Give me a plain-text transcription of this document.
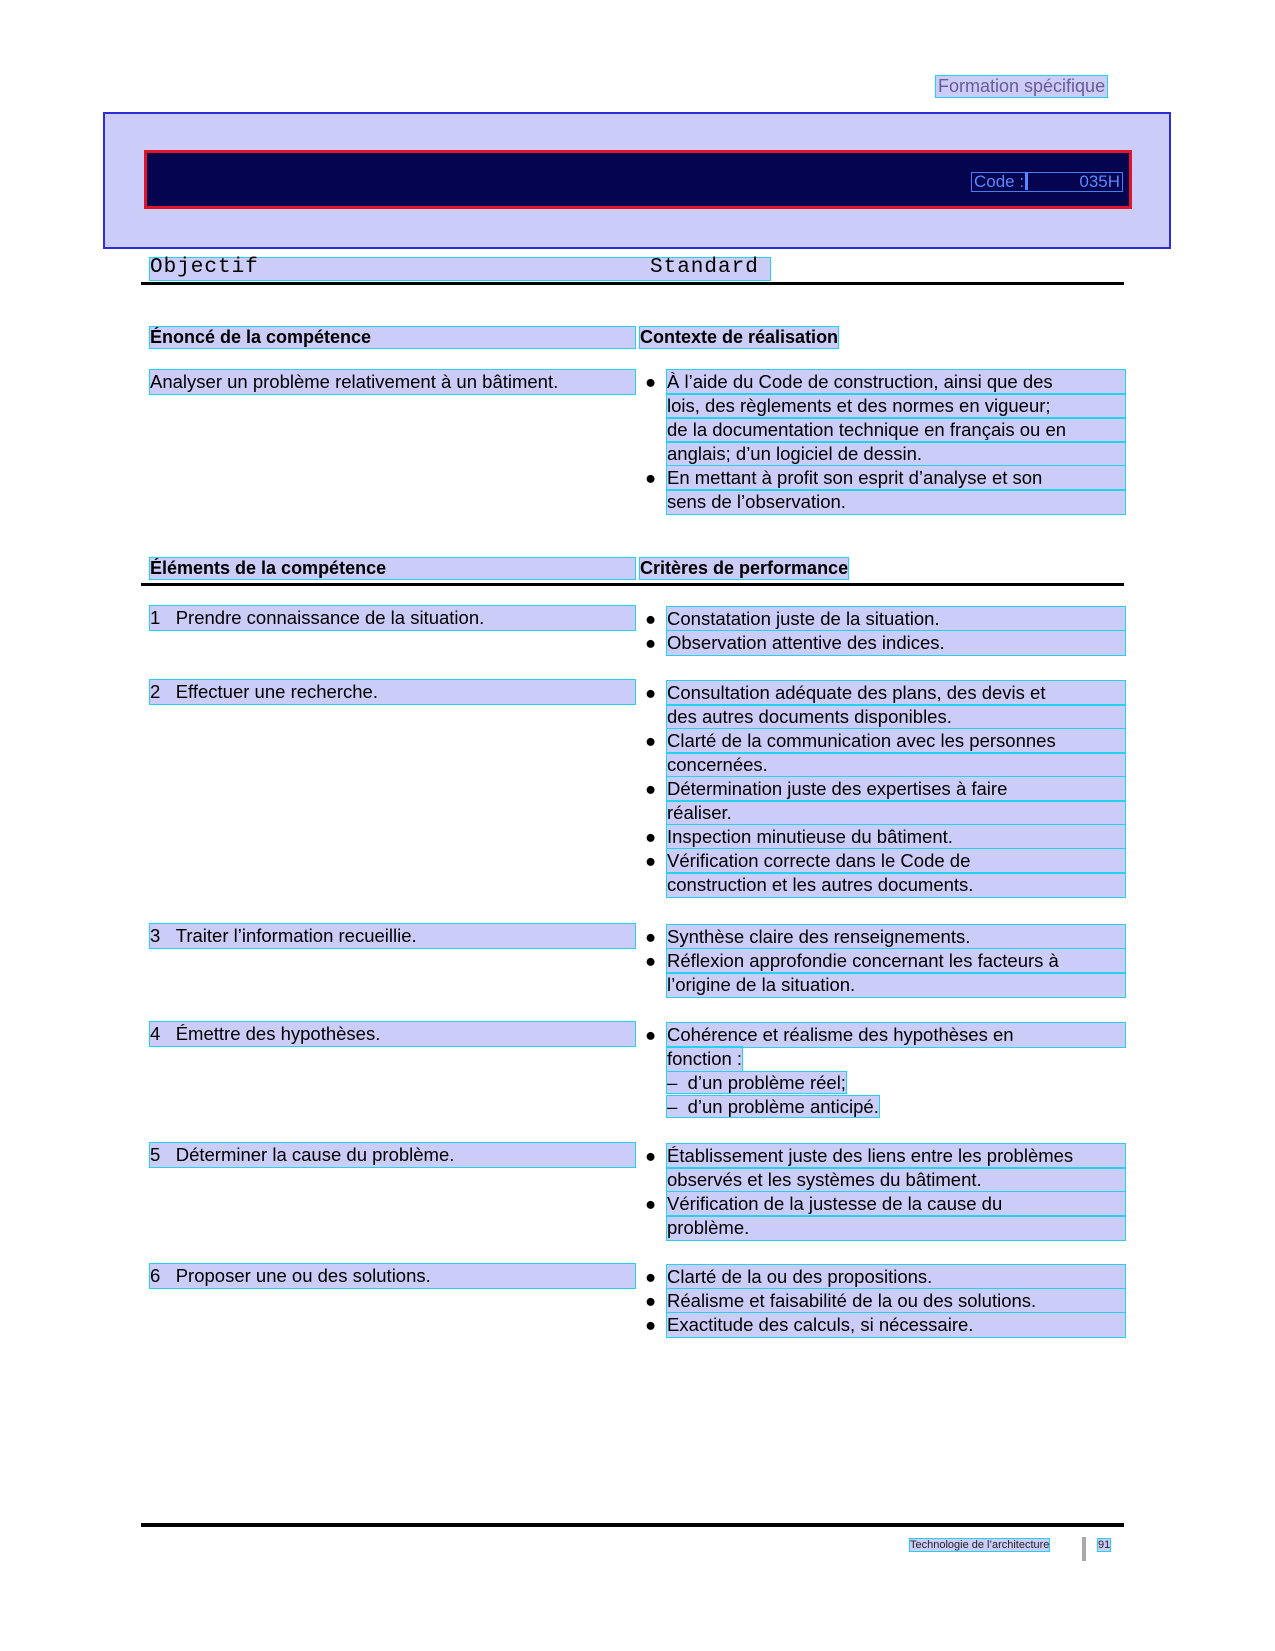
Formation spécifique
Code :	035H
Objectif	Standard
Énoncé de la compétence	Contexte de réalisation
Analyser un problème relativement à un bâtiment.	● À l’aide du Code de construction, ainsi que des
lois, des règlements et des normes en vigueur;
de la documentation technique en français ou en
anglais; d’un logiciel de dessin.
● En mettant à profit son esprit d’analyse et son
sens de l’observation.
Éléments de la compétence	Critères de performance
1 Prendre connaissance de la situation.	● Constatation juste de la situation.
● Observation attentive des indices.
2 Effectuer une recherche.	● Consultation adéquate des plans, des devis et
des autres documents disponibles.
● Clarté de la communication avec les personnes
concernées.
● Détermination juste des expertises à faire
réaliser.
● Inspection minutieuse du bâtiment.
● Vérification correcte dans le Code de
construction et les autres documents.
3 Traiter l’information recueillie.	● Synthèse claire des renseignements.
● Réflexion approfondie concernant les facteurs à
l’origine de la situation.
4 Émettre des hypothèses.	● Cohérence et réalisme des hypothèses en
fonction :
–  d’un problème réel;
–  d’un problème anticipé.
5 Déterminer la cause du problème.	● Établissement juste des liens entre les problèmes
observés et les systèmes du bâtiment.
● Vérification de la justesse de la cause du
problème.
6 Proposer une ou des solutions.	● Clarté de la ou des propositions.
● Réalisme et faisabilité de la ou des solutions.
● Exactitude des calculs, si nécessaire.
Technologie de l’architecture	91
